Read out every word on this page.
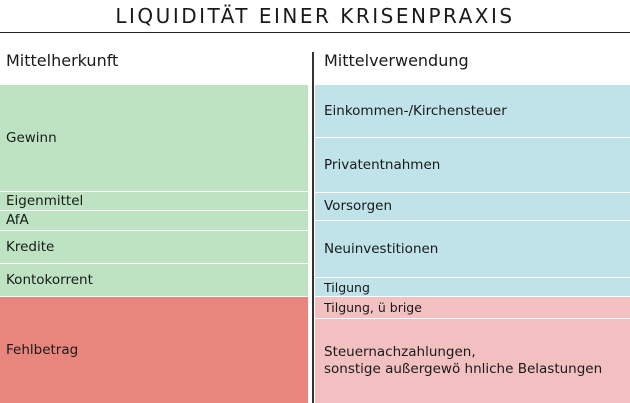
LIQUIDITÄT EINER KRISENPRAXIS
Mittelherkunft	Mittelverwendung
Gewinn
Eigenmittel
AfA
Kredite
Kontokorrent
Fehlbetrag
Einkommen-/Kirchensteuer
Privatentnahmen
Vorsorgen
Neuinvestitionen
Tilgung
Tilgung, ü brige
Steuernachzahlungen,
sonstige außergewö hnliche Belastungen
